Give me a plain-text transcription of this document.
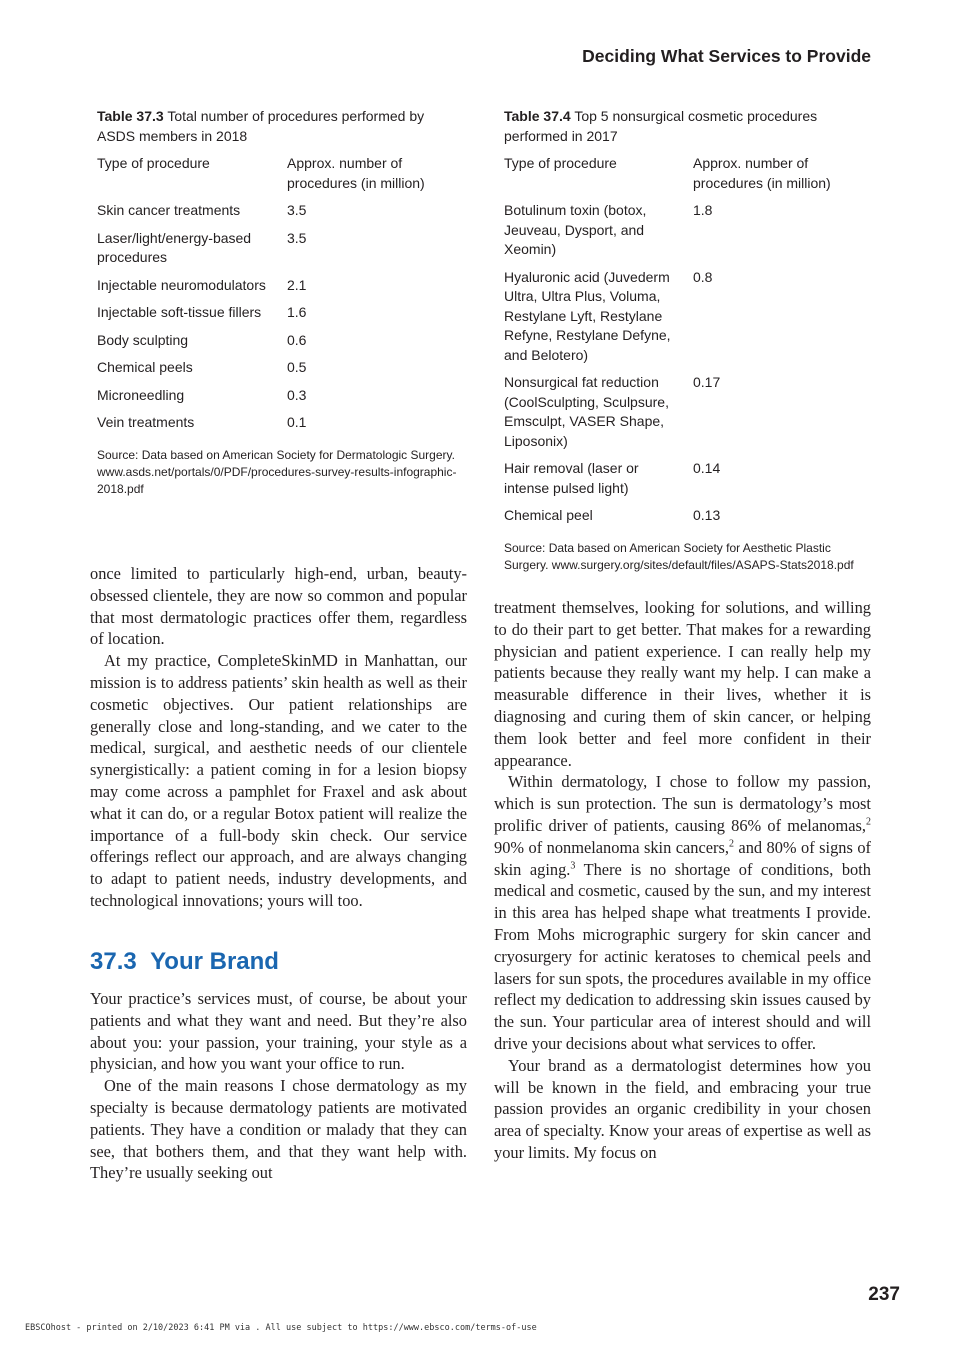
Deciding What Services to Provide
Table 37.3 Total number of procedures performed by ASDS members in 2018
Type of procedure	Approx. number of procedures (in million)
Skin cancer treatments	3.5
Laser/light/energy-based procedures	3.5
Injectable neuromodulators	2.1
Injectable soft-tissue fillers	1.6
Body sculpting	0.6
Chemical peels	0.5
Microneedling	0.3
Vein treatments	0.1
Source: Data based on American Society for Dermatologic Surgery. www.asds.net/portals/0/PDF/procedures-survey-results-infographic-2018.pdf
Table 37.4 Top 5 nonsurgical cosmetic procedures performed in 2017
Type of procedure	Approx. number of procedures (in million)
Botulinum toxin (botox, Jeuveau, Dysport, and Xeomin)	1.8
Hyaluronic acid (Juvederm Ultra, Ultra Plus, Voluma, Restylane Lyft, Restylane Refyne, Restylane Defyne, and Belotero)	0.8
Nonsurgical fat reduction (CoolSculpting, Sculpsure, Emsculpt, VASER Shape, Liposonix)	0.17
Hair removal (laser or intense pulsed light)	0.14
Chemical peel	0.13
Source: Data based on American Society for Aesthetic Plastic Surgery. www.surgery.org/sites/default/files/ASAPS-Stats2018.pdf

once limited to particularly high-end, urban, beauty-obsessed clientele, they are now so common and popular that most dermatologic practices offer them, regardless of location.

At my practice, CompleteSkinMD in Manhattan, our mission is to address patients’ skin health as well as their cosmetic objectives. Our patient relationships are generally close and long-standing, and we cater to the medical, surgical, and aesthetic needs of our clientele synergistically: a patient coming in for a lesion biopsy may come across a pamphlet for Fraxel and ask about what it can do, or a regular Botox patient will realize the importance of a full-body skin check. Our service offerings reflect our approach, and are always changing to adapt to patient needs, industry developments, and technological innovations; yours will too.

37.3 Your Brand

Your practice’s services must, of course, be about your patients and what they want and need. But they’re also about you: your passion, your training, your style as a physician, and how you want your office to run.

One of the main reasons I chose dermatology as my specialty is because dermatology patients are motivated patients. They have a condition or malady that they can see, that bothers them, and that they want help with. They’re usually seeking out

treatment themselves, looking for solutions, and willing to do their part to get better. That makes for a rewarding physician and patient experience. I can really help my patients because they really want my help. I can make a measurable difference in their lives, whether it is diagnosing and curing them of skin cancer, or helping them look better and feel more confident in their appearance.

Within dermatology, I chose to follow my passion, which is sun protection. The sun is dermatology’s most prolific driver of patients, causing 86% of melanomas,$^2$ 90% of nonmelanoma skin cancers,$^2$ and 80% of signs of skin aging.$^3$ There is no shortage of conditions, both medical and cosmetic, caused by the sun, and my interest in this area has helped shape what treatments I provide. From Mohs micrographic surgery for skin cancer and cryosurgery for actinic keratoses to chemical peels and lasers for sun spots, the procedures available in my office reflect my dedication to addressing skin issues caused by the sun. Your particular area of interest should and will drive your decisions about what services to offer.

Your brand as a dermatologist determines how you will be known in the field, and embracing your true passion provides an organic credibility in your chosen area of specialty. Know your areas of expertise as well as your limits. My focus on

237
EBSCOhost - printed on 2/10/2023 6:41 PM via . All use subject to https://www.ebsco.com/terms-of-use
